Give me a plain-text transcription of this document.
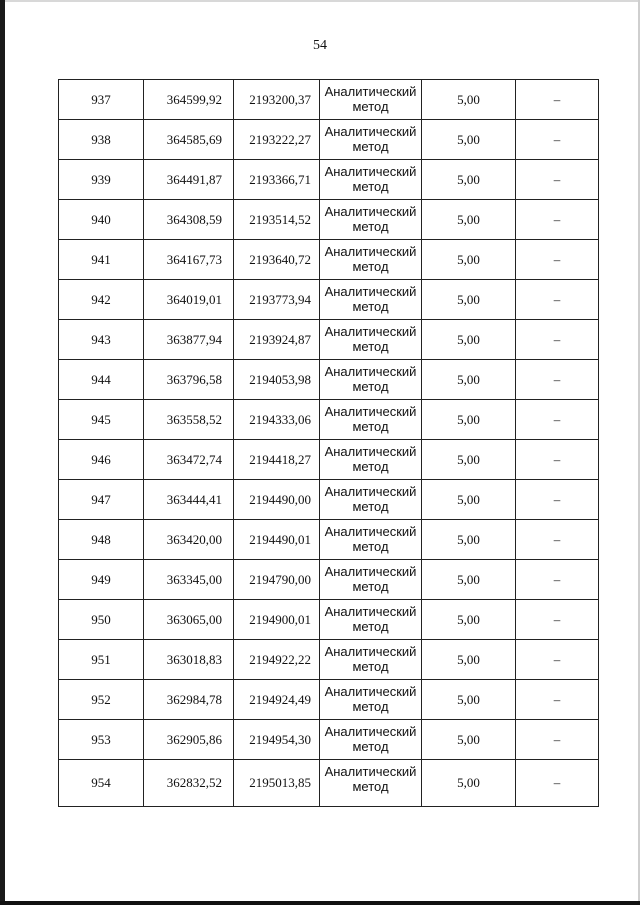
54
937	364599,92	2193200,37	Аналитический метод	5,00	–
938	364585,69	2193222,27	Аналитический метод	5,00	–
939	364491,87	2193366,71	Аналитический метод	5,00	–
940	364308,59	2193514,52	Аналитический метод	5,00	–
941	364167,73	2193640,72	Аналитический метод	5,00	–
942	364019,01	2193773,94	Аналитический метод	5,00	–
943	363877,94	2193924,87	Аналитический метод	5,00	–
944	363796,58	2194053,98	Аналитический метод	5,00	–
945	363558,52	2194333,06	Аналитический метод	5,00	–
946	363472,74	2194418,27	Аналитический метод	5,00	–
947	363444,41	2194490,00	Аналитический метод	5,00	–
948	363420,00	2194490,01	Аналитический метод	5,00	–
949	363345,00	2194790,00	Аналитический метод	5,00	–
950	363065,00	2194900,01	Аналитический метод	5,00	–
951	363018,83	2194922,22	Аналитический метод	5,00	–
952	362984,78	2194924,49	Аналитический метод	5,00	–
953	362905,86	2194954,30	Аналитический метод	5,00	–
954	362832,52	2195013,85	Аналитический метод	5,00	–
